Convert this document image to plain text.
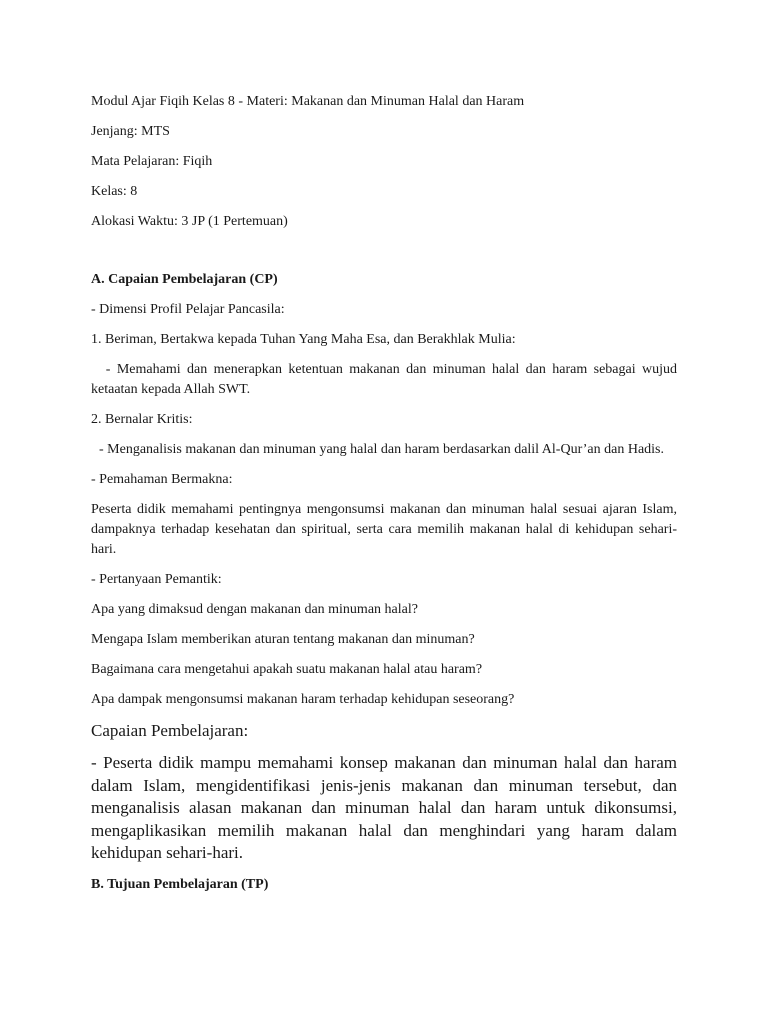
Modul Ajar Fiqih Kelas 8 - Materi: Makanan dan Minuman Halal dan Haram

Jenjang: MTS

Mata Pelajaran: Fiqih

Kelas: 8

Alokasi Waktu: 3 JP (1 Pertemuan)

A. Capaian Pembelajaran (CP)

- Dimensi Profil Pelajar Pancasila:

1. Beriman, Bertakwa kepada Tuhan Yang Maha Esa, dan Berakhlak Mulia:

- Memahami dan menerapkan ketentuan makanan dan minuman halal dan haram sebagai wujud ketaatan kepada Allah SWT.

2. Bernalar Kritis:

- Menganalisis makanan dan minuman yang halal dan haram berdasarkan dalil Al-Qur’an dan Hadis.

- Pemahaman Bermakna:

Peserta didik memahami pentingnya mengonsumsi makanan dan minuman halal sesuai ajaran Islam, dampaknya terhadap kesehatan dan spiritual, serta cara memilih makanan halal di kehidupan sehari-hari.

- Pertanyaan Pemantik:

Apa yang dimaksud dengan makanan dan minuman halal?

Mengapa Islam memberikan aturan tentang makanan dan minuman?

Bagaimana cara mengetahui apakah suatu makanan halal atau haram?

Apa dampak mengonsumsi makanan haram terhadap kehidupan seseorang?

Capaian Pembelajaran:

- Peserta didik mampu memahami konsep makanan dan minuman halal dan haram dalam Islam, mengidentifikasi jenis-jenis makanan dan minuman tersebut, dan menganalisis alasan makanan dan minuman halal dan haram untuk dikonsumsi, mengaplikasikan memilih makanan halal dan menghindari yang haram dalam kehidupan sehari-hari.

B. Tujuan Pembelajaran (TP)
